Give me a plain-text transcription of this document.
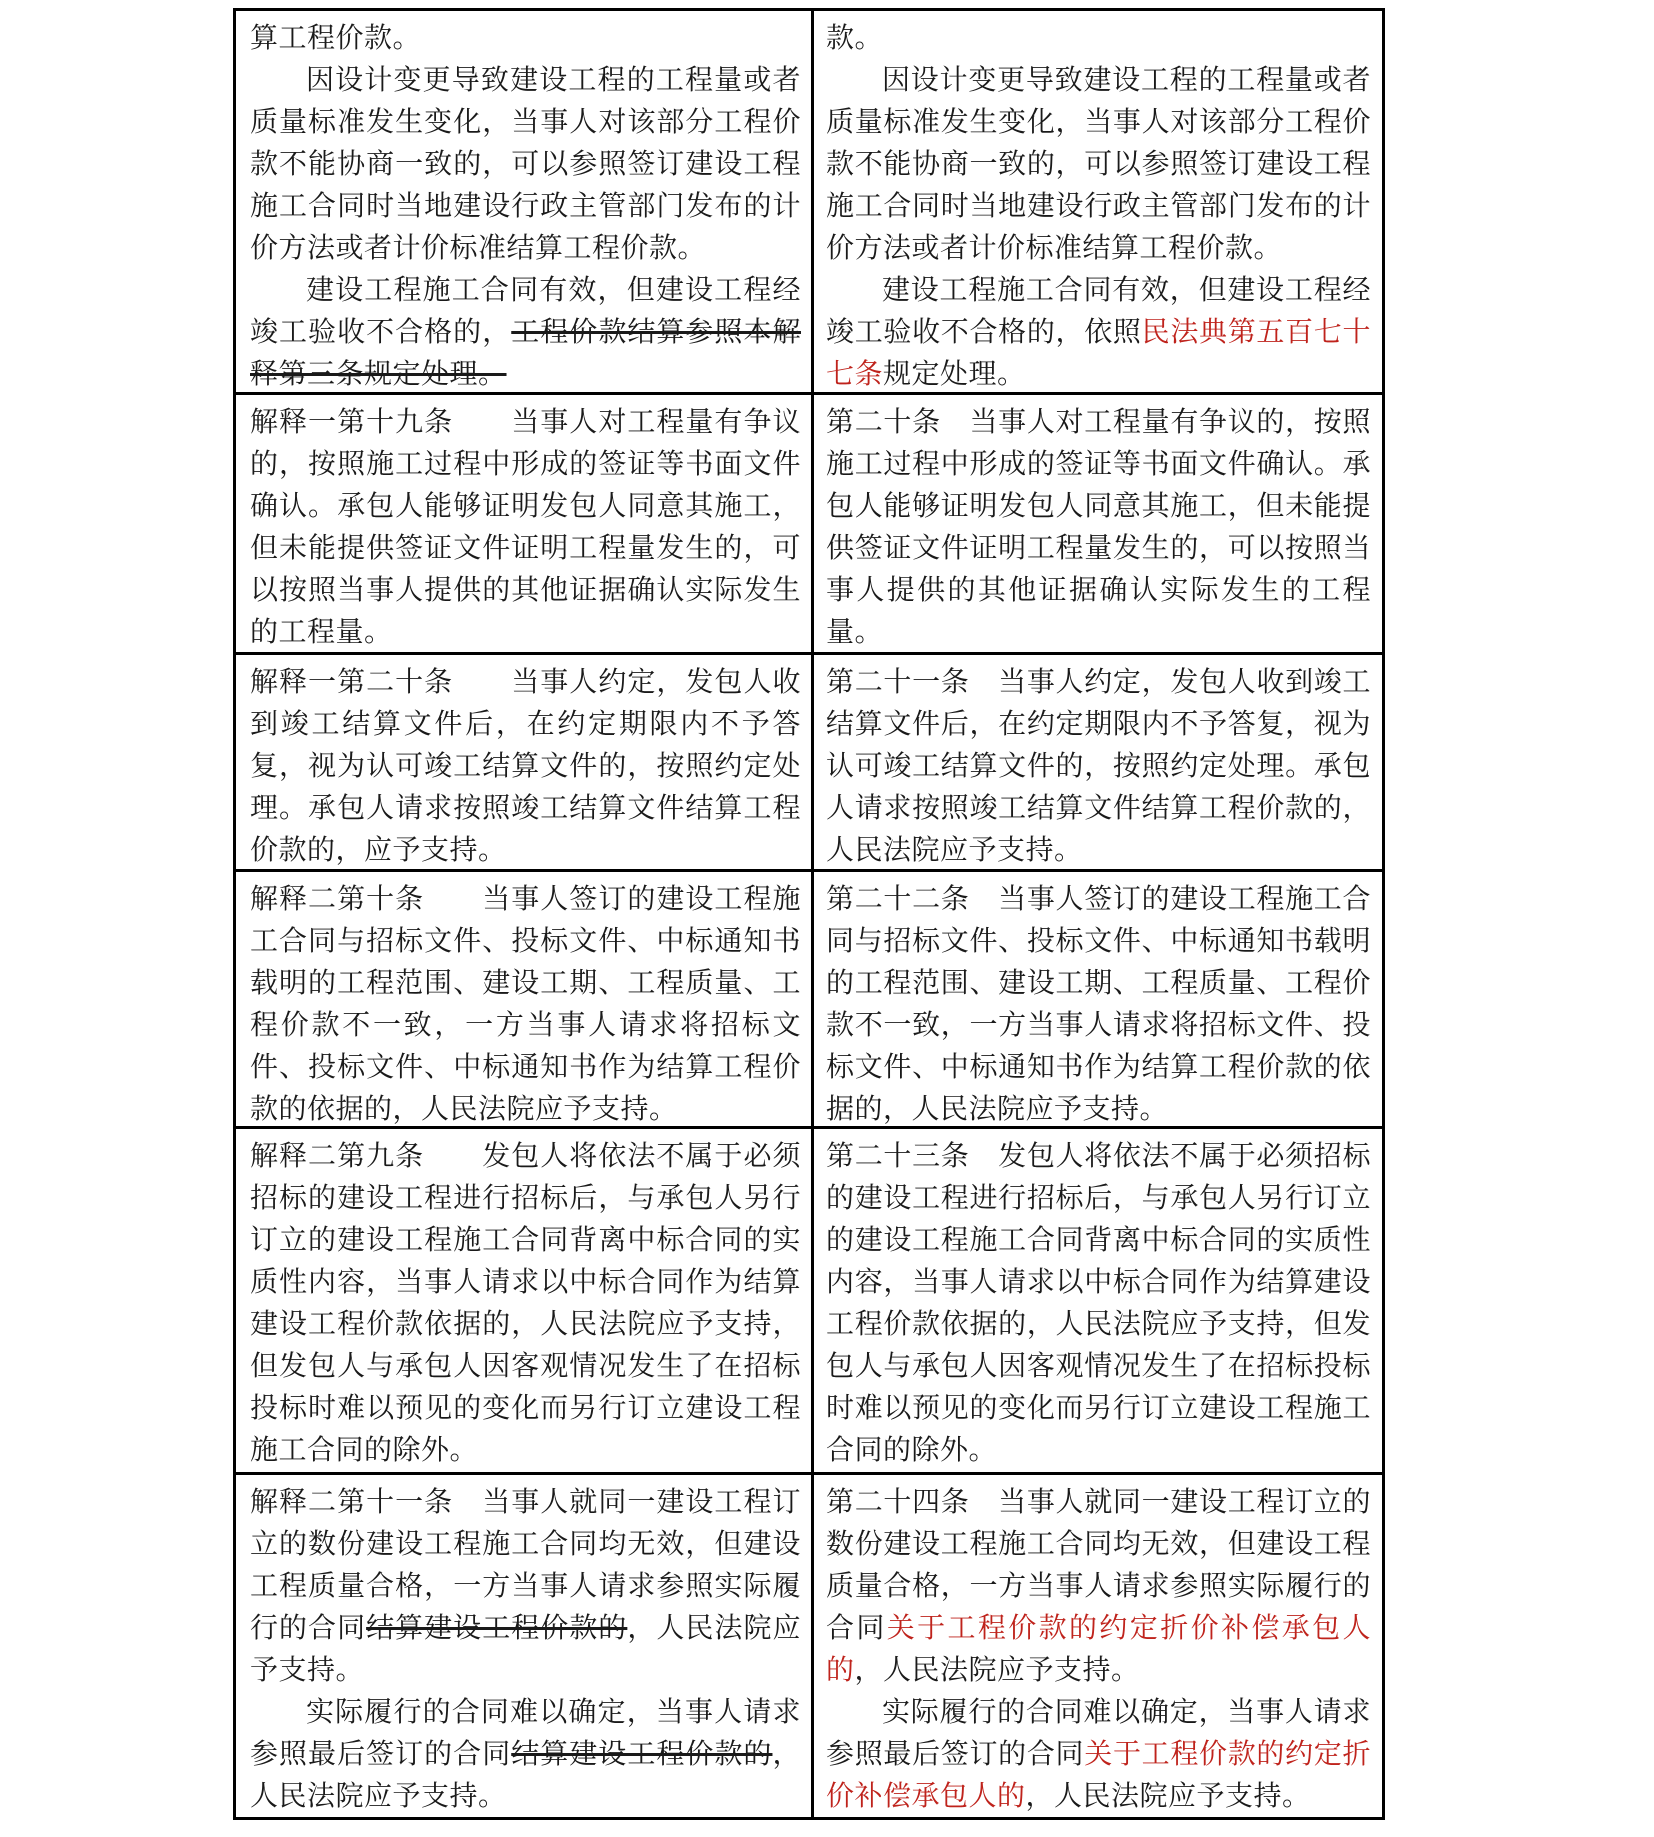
算工程价款。

因设计变更导致建设工程的工程量或者质量标准发生变化，当事人对该部分工程价款不能协商一致的，可以参照签订建设工程施工合同时当地建设行政主管部门发布的计价方法或者计价标准结算工程价款。

建设工程施工合同有效，但建设工程经竣工验收不合格的，工程价款结算参照本解释第三条规定处理。

款。

因设计变更导致建设工程的工程量或者质量标准发生变化，当事人对该部分工程价款不能协商一致的，可以参照签订建设工程施工合同时当地建设行政主管部门发布的计价方法或者计价标准结算工程价款。

建设工程施工合同有效，但建设工程经竣工验收不合格的，依照民法典第五百七十七条规定处理。

解释一第十九条　　当事人对工程量有争议的，按照施工过程中形成的签证等书面文件确认。承包人能够证明发包人同意其施工，但未能提供签证文件证明工程量发生的，可以按照当事人提供的其他证据确认实际发生的工程量。

第二十条　当事人对工程量有争议的，按照施工过程中形成的签证等书面文件确认。承包人能够证明发包人同意其施工，但未能提供签证文件证明工程量发生的，可以按照当事人提供的其他证据确认实际发生的工程量。

解释一第二十条　　当事人约定，发包人收到竣工结算文件后，在约定期限内不予答复，视为认可竣工结算文件的，按照约定处理。承包人请求按照竣工结算文件结算工程价款的，应予支持。

第二十一条　当事人约定，发包人收到竣工结算文件后，在约定期限内不予答复，视为认可竣工结算文件的，按照约定处理。承包人请求按照竣工结算文件结算工程价款的，人民法院应予支持。

解释二第十条　　当事人签订的建设工程施工合同与招标文件、投标文件、中标通知书载明的工程范围、建设工期、工程质量、工程价款不一致，一方当事人请求将招标文件、投标文件、中标通知书作为结算工程价款的依据的，人民法院应予支持。

第二十二条　当事人签订的建设工程施工合同与招标文件、投标文件、中标通知书载明的工程范围、建设工期、工程质量、工程价款不一致，一方当事人请求将招标文件、投标文件、中标通知书作为结算工程价款的依据的，人民法院应予支持。

解释二第九条　　发包人将依法不属于必须招标的建设工程进行招标后，与承包人另行订立的建设工程施工合同背离中标合同的实质性内容，当事人请求以中标合同作为结算建设工程价款依据的，人民法院应予支持，但发包人与承包人因客观情况发生了在招标投标时难以预见的变化而另行订立建设工程施工合同的除外。

第二十三条　发包人将依法不属于必须招标的建设工程进行招标后，与承包人另行订立的建设工程施工合同背离中标合同的实质性内容，当事人请求以中标合同作为结算建设工程价款依据的，人民法院应予支持，但发包人与承包人因客观情况发生了在招标投标时难以预见的变化而另行订立建设工程施工合同的除外。

解释二第十一条　当事人就同一建设工程订立的数份建设工程施工合同均无效，但建设工程质量合格，一方当事人请求参照实际履行的合同结算建设工程价款的，人民法院应予支持。

实际履行的合同难以确定，当事人请求参照最后签订的合同结算建设工程价款的，人民法院应予支持。

第二十四条　当事人就同一建设工程订立的数份建设工程施工合同均无效，但建设工程质量合格，一方当事人请求参照实际履行的合同关于工程价款的约定折价补偿承包人的，人民法院应予支持。

实际履行的合同难以确定，当事人请求参照最后签订的合同关于工程价款的约定折价补偿承包人的，人民法院应予支持。
